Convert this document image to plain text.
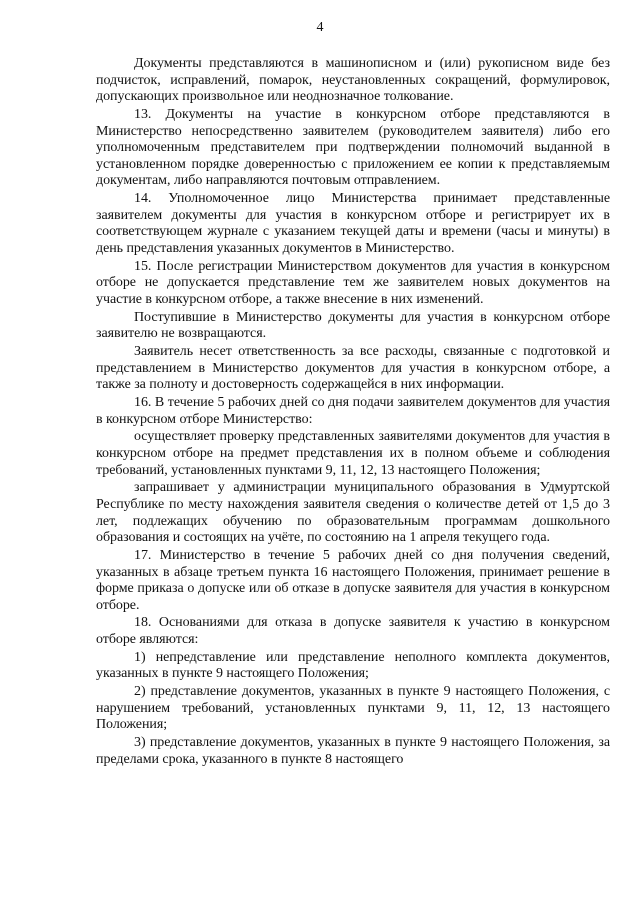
4

Документы представляются в машинописном и (или) рукописном виде без подчисток, исправлений, помарок, неустановленных сокращений, формулировок, допускающих произвольное или неоднозначное толкование.

13. Документы на участие в конкурсном отборе представляются в Министерство непосредственно заявителем (руководителем заявителя) либо его уполномоченным представителем при подтверждении полномочий выданной в установленном порядке доверенностью с приложением ее копии к представляемым документам, либо направляются почтовым отправлением.

14. Уполномоченное лицо Министерства принимает представленные заявителем документы для участия в конкурсном отборе и регистрирует их в соответствующем журнале с указанием текущей даты и времени (часы и минуты) в день представления указанных документов в Министерство.

15. После регистрации Министерством документов для участия в конкурсном отборе не допускается представление тем же заявителем новых документов на участие в конкурсном отборе, а также внесение в них изменений.

Поступившие в Министерство документы для участия в конкурсном отборе заявителю не возвращаются.

Заявитель несет ответственность за все расходы, связанные с подготовкой и представлением в Министерство документов для участия в конкурсном отборе, а также за полноту и достоверность содержащейся в них информации.

16. В течение 5 рабочих дней со дня подачи заявителем документов для участия в конкурсном отборе Министерство:

осуществляет проверку представленных заявителями документов для участия в конкурсном отборе на предмет представления их в полном объеме и соблюдения требований, установленных пунктами 9, 11, 12, 13 настоящего Положения;

запрашивает у администрации муниципального образования в Удмуртской Республике по месту нахождения заявителя сведения о количестве детей от 1,5 до 3 лет, подлежащих обучению по образовательным программам дошкольного образования и состоящих на учёте, по состоянию на 1 апреля текущего года.

17. Министерство в течение 5 рабочих дней со дня получения сведений, указанных в абзаце третьем пункта 16 настоящего Положения, принимает решение в форме приказа о допуске или об отказе в допуске заявителя для участия в конкурсном отборе.

18. Основаниями для отказа в допуске заявителя к участию в конкурсном отборе являются:

1) непредставление или представление неполного комплекта документов, указанных в пункте 9 настоящего Положения;

2) представление документов, указанных в пункте 9 настоящего Положения, с нарушением требований, установленных пунктами 9, 11, 12, 13 настоящего Положения;

3) представление документов, указанных в пункте 9 настоящего Положения, за пределами срока, указанного в пункте 8 настоящего
